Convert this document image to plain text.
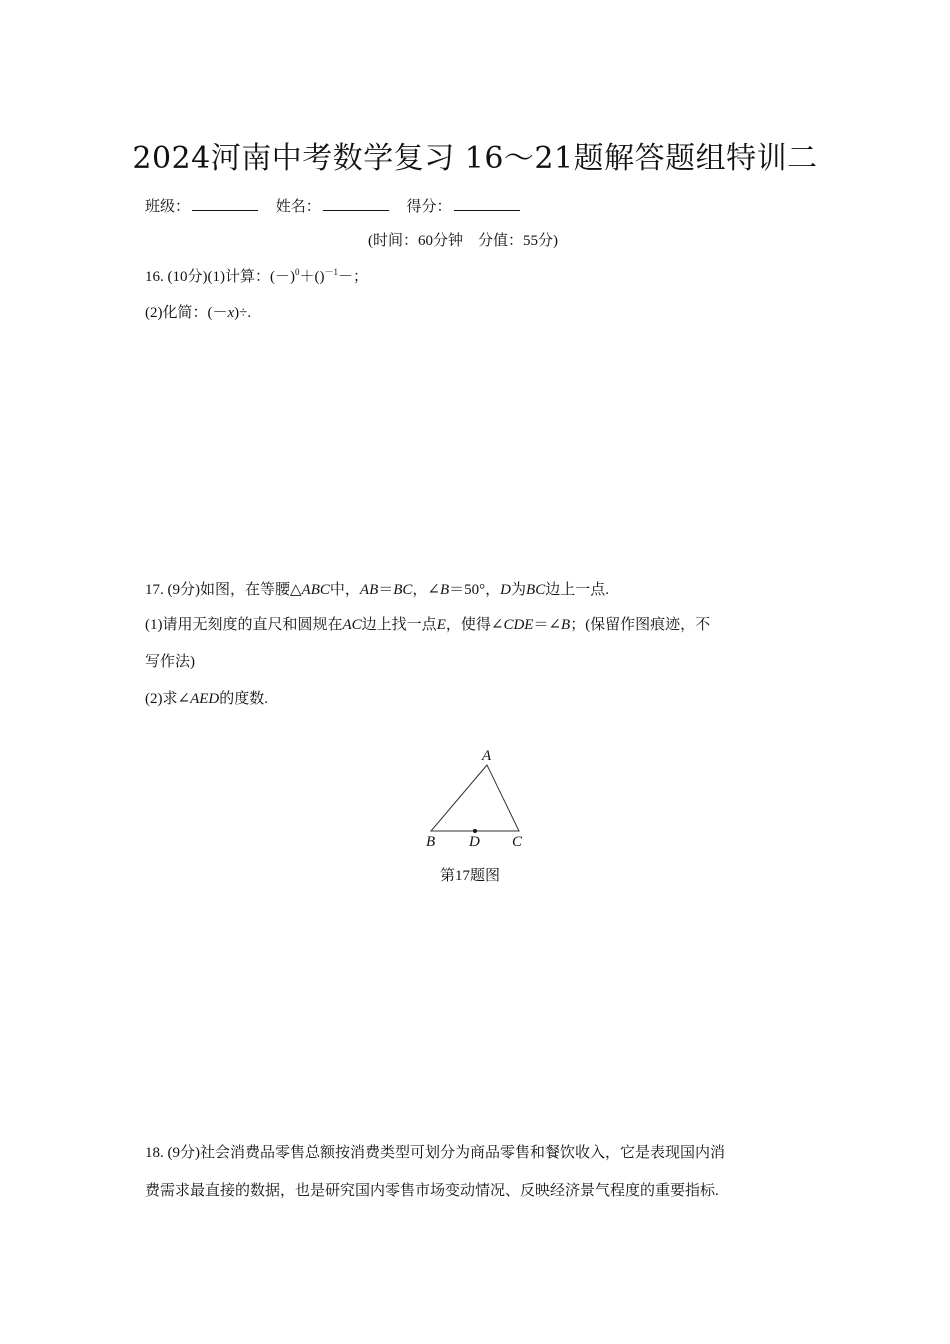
2024河南中考数学复习 16～21题解答题组特训二
班级：	姓名：	得分：
(时间：60分钟　分值：55分)
16. (10分)(1)计算：$(-)^0+()^{-1}-$；
(2)化简：(－x)÷.
17. (9分)如图，在等腰△ABC中，AB＝BC，∠B＝50°，D为BC边上一点.
(1)请用无刻度的直尺和圆规在AC边上找一点E，使得∠CDE＝∠B；(保留作图痕迹，不
写作法)
(2)求∠AED的度数.
A
B D C
第17题图
18. (9分)社会消费品零售总额按消费类型可划分为商品零售和餐饮收入，它是表现国内消
费需求最直接的数据，也是研究国内零售市场变动情况、反映经济景气程度的重要指标.
